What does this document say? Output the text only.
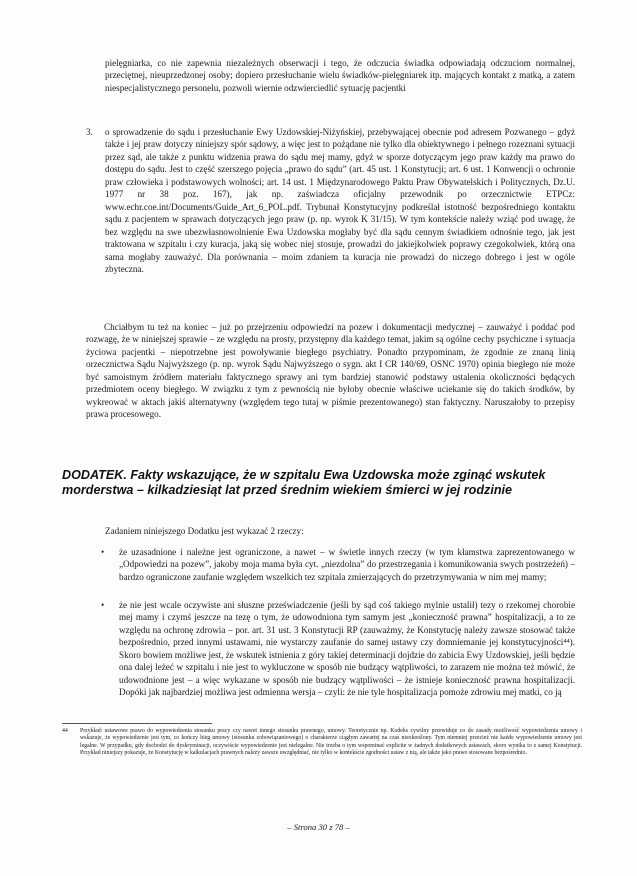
pielęgniarka, co nie zapewnia niezależnych obserwacji i tego, że odczucia świadka odpowiadają odczuciom normalnej, przeciętnej, nieuprzedzonej osoby; dopiero przesłuchanie wielu świadków-pielęgniarek itp. mających kontakt z matką, a zatem niespecjalistycznego personelu, pozwoli wiernie odzwierciedlić sytuację pacjentki

3. o sprowadzenie do sądu i przesłuchanie Ewy Uzdowskiej-Niżyńskiej, przebywającej obecnie pod adresem Pozwanego – gdyż także i jej praw dotyczy niniejszy spór sądowy, a więc jest to pożądane nie tylko dla obiektywnego i pełnego rozeznani sytuacji przez sąd, ale także z punktu widzenia prawa do sądu mej mamy, gdyż w sporze dotyczącym jego praw każdy ma prawo do dostępu do sądu. Jest to część szerszego pojęcia „prawo do sądu” (art. 45 ust. 1 Konstytucji; art. 6 ust. 1 Konwencji o ochronie praw człowieka i podstawowych wolności; art. 14 ust. 1 Międzynarodowego Paktu Praw Obywatelskich i Politycznych, Dz.U. 1977 nr 38 poz. 167), jak np. zaświadcza oficjalny przewodnik po orzecznictwie ETPCz: www.echr.coe.int/Documents/Guide_Art_6_POL.pdf. Trybunał Konstytucyjny podkreślał istotność bezpośredniego kontaktu sądu z pacjentem w sprawach dotyczących jego praw (p. np. wyrok K 31/15). W tym kontekście należy wziąć pod uwagę, że bez względu na swe ubezwłasnowolnienie Ewa Uzdowska mogłaby być dla sądu cennym świadkiem odnośnie tego, jak jest traktowana w szpitalu i czy kuracja, jaką się wobec niej stosuje, prowadzi do jakiejkolwiek poprawy czegokolwiek, którą ona sama mogłaby zauważyć. Dla porównania – moim zdaniem ta kuracja nie prowadzi do niczego dobrego i jest w ogóle zbyteczna.

Chciałbym tu też na koniec – już po przejrzeniu odpowiedzi na pozew i dokumentacji medycznej – zauważyć i poddać pod rozwagę, że w niniejszej sprawie – ze względu na prosty, przystępny dla każdego temat, jakim są ogólne cechy psychiczne i sytuacja życiowa pacjentki – niepotrzebne jest powoływanie biegłego psychiatry. Ponadto przypominam, że zgodnie ze znaną linią orzecznictwa Sądu Najwyższego (p. np. wyrok Sądu Najwyższego o sygn. akt I CR 140/69, OSNC 1970) opinia biegłego nie może być samoistnym źródłem materiału faktycznego sprawy ani tym bardziej stanowić podstawy ustalenia okoliczności będących przedmiotem oceny biegłego. W związku z tym z pewnością nie byłoby obecnie właściwe uciekanie się do takich środków, by wykreować w aktach jakiś alternatywny (względem tego tutaj w piśmie prezentowanego) stan faktyczny. Naruszałoby to przepisy prawa procesowego.

DODATEK. Fakty wskazujące, że w szpitalu Ewa Uzdowska może zginąć wskutek morderstwa – kilkadziesiąt lat przed średnim wiekiem śmierci w jej rodzinie

Zadaniem niniejszego Dodatku jest wykazać 2 rzeczy:

• że uzasadnione i należne jest ograniczone, a nawet – w świetle innych rzeczy (w tym kłamstwa zaprezentowanego w „Odpowiedzi na pozew”, jakoby moja mama była cyt. „niezdolna” do przestrzegania i komunikowania swych postrzeżeń) – bardzo ograniczone zaufanie względem wszelkich tez szpitala zmierzających do przetrzymywania w nim mej mamy;

• że nie jest wcale oczywiste ani słuszne przeświadczenie (jeśli by sąd coś takiego mylnie ustalił) tezy o rzekomej chorobie mej mamy i czymś jeszcze na tezę o tym, że udowodniona tym samym jest „konieczność prawna” hospitalizacji, a to ze względu na ochronę zdrowia – por. art. 31 ust. 3 Konstytucji RP (zauważmy, że Konstytucję należy zawsze stosować także bezpośrednio, przed innymi ustawami, nie wystarczy zaufanie do samej ustawy czy domniemanie jej konstytucyjności⁴⁴). Skoro bowiem możliwe jest, że wskutek istnienia z góry takiej determinacji dojdzie do zabicia Ewy Uzdowskiej, jeśli będzie ona dalej leżeć w szpitalu i nie jest to wykluczone w sposób nie budzący wątpliwości, to zarazem nie można też mówić, że udowodnione jest – a więc wykazane w sposób nie budzący wątpliwości – że istnieje konieczność prawna hospitalizacji. Dopóki jak najbardziej możliwa jest odmienna wersja – czyli: że nie tyle hospitalizacja pomoże zdrowiu mej matki, co ją

44 Przykład: ustawowe prawo do wypowiedzenia stosunku pracy czy nawet innego stosunku prawnego, umowy. Teoretycznie np. Kodeks cywilny przewiduje co do zasady możliwość wypowiedzenia umowy i wskazuje, że wypowiedzenie jest tym, co kończy bieg umowy (stosunku zobowiązaniowego) o charakterze ciągłym zawartej na czas nieokreślony. Tym niemniej przecież nie każde wypowiedzenie umowy jest legalne. W przypadku, gdy dochodzi do dyskryminacji, oczywiście wypowiedzenie jest nielegalne. Nie trzeba o tym wspominać explicite w żadnych dodatkowych ustawach, skoro wynika to z samej Konstytucji. Przykład niniejszy pokazuje, że Konstytucję w kalkulacjach prawnych należy zawsze uwzględniać, nie tylko w kontekście zgodności ustaw z nią, ale także jako prawo stosowane bezpośrednio.
– Strona 30 z 78 –
